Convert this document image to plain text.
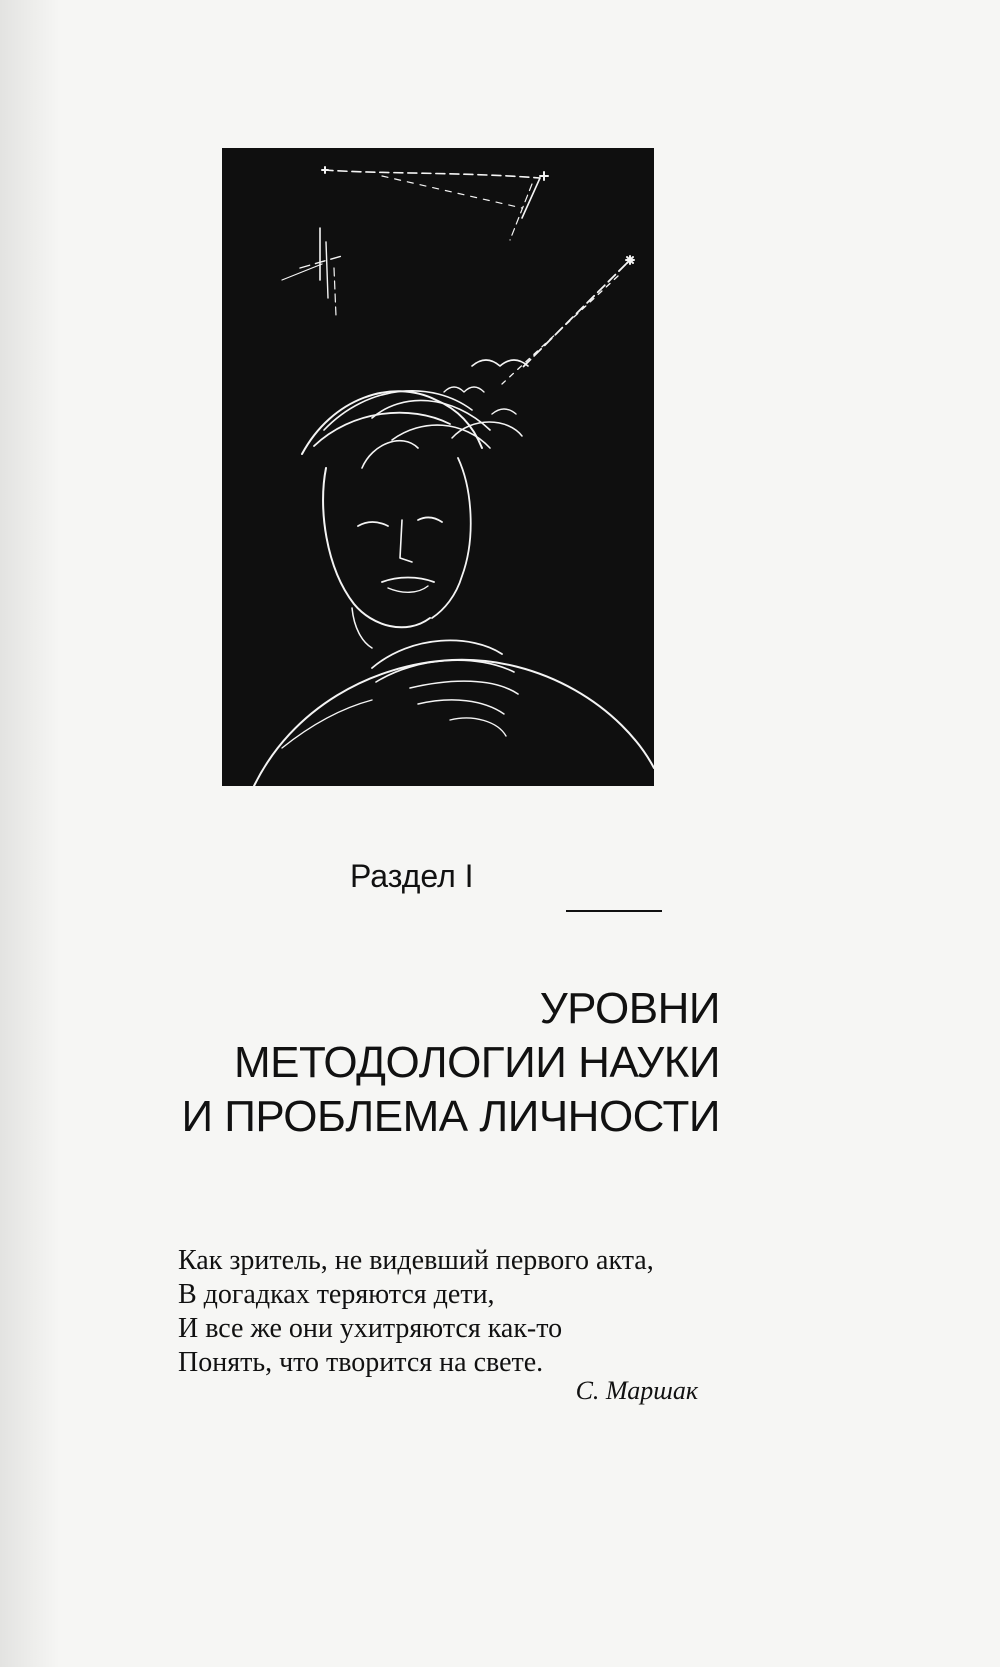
Раздел I
УРОВНИ
МЕТОДОЛОГИИ НАУКИ
И ПРОБЛЕМА ЛИЧНОСТИ
Как зритель, не видевший первого акта,
В догадках теряются дети,
И все же они ухитряются как-то
Понять, что творится на свете.
С. Маршак
